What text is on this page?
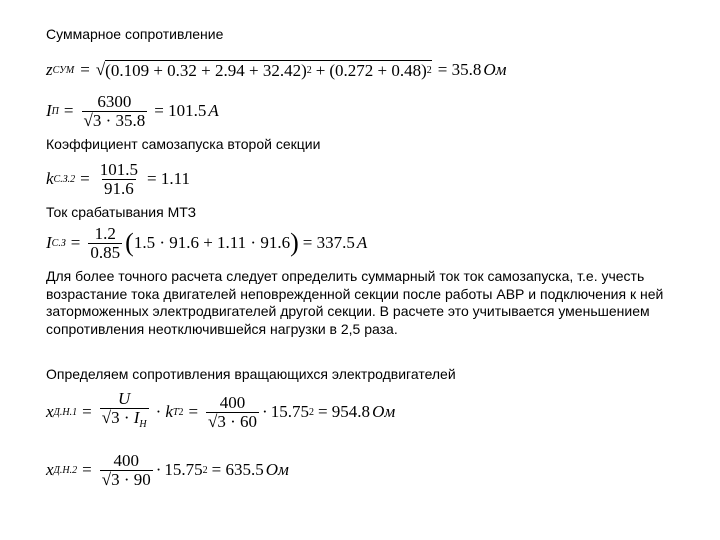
Суммарное сопротивление
z СУМ =
√ (0.109 + 0.32 + 2.94 + 32.42) 2 + (0.272 + 0.48) 2 = 35.8 Ом
I П = 6300
√ 3 · 35.8 = 101.5 A
Коэффициент самозапуска второй секции
k $С.З.2 = \frac{101.5}{91.6} = 1.11$
Ток срабатывания МТЗ
I $С.З = \frac{1.2}{0.85}$ ( 1.5 · 91.6 + 1.11 · 91.6 ) = 337.5 A
Для более точного расчета следует определить суммарный ток ток самозапуска, т.е. учесть возрастание тока двигателей неповрежденной секции после работы АВР и подключения к ней заторможенных электродвигателей другой секции. В расчете это учитывается уменьшением сопротивления неотключившейся нагрузки в 2,5 раза.
Определяем сопротивления вращающихся электродвигателей
x Д.Н.1 = U
√ $3 \cdot I_Н \cdot k$ Т 2 = 400
√ 3 · 60 · 15.75 2 = 954.8 Ом
x Д.Н.2 = 400
√ 3 · 90 · 15.75 2 = 635.5 Ом
